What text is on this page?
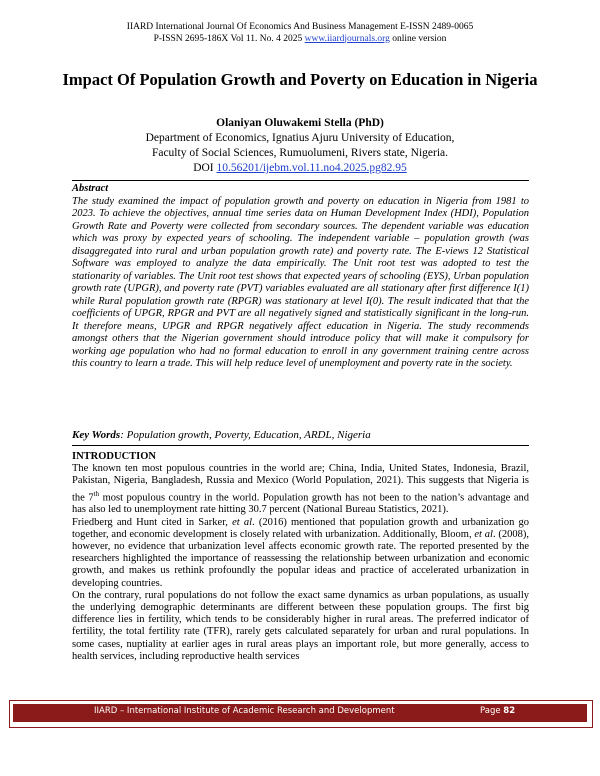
IIARD International Journal Of Economics And Business Management E-ISSN 2489-0065
P-ISSN 2695-186X Vol 11. No. 4 2025 www.iiardjournals.org online version
Impact Of Population Growth and Poverty on Education in Nigeria
Olaniyan Oluwakemi Stella (PhD)
Department of Economics, Ignatius Ajuru University of Education,
Faculty of Social Sciences, Rumuolumeni, Rivers state, Nigeria.
DOI 10.56201/ijebm.vol.11.no4.2025.pg82.95
Abstract
The study examined the impact of population growth and poverty on education in Nigeria from 1981 to 2023. To achieve the objectives, annual time series data on Human Development Index (HDI), Population Growth Rate and Poverty were collected from secondary sources. The dependent variable was education which was proxy by expected years of schooling. The independent variable – population growth (was disaggregated into rural and urban population growth rate) and poverty rate. The E-views 12 Statistical Software was employed to analyze the data empirically. The Unit root test was adopted to test the stationarity of variables. The Unit root test shows that expected years of schooling (EYS), Urban population growth rate (UPGR), and poverty rate (PVT) variables evaluated are all stationary after first difference I(1) while Rural population growth rate (RPGR) was stationary at level I(0). The result indicated that that the coefficients of UPGR, RPGR and PVT are all negatively signed and statistically significant in the long-run. It therefore means, UPGR and RPGR negatively affect education in Nigeria. The study recommends amongst others that the Nigerian government should introduce policy that will make it compulsory for working age population who had no formal education to enroll in any government training centre across this country to learn a trade. This will help reduce level of unemployment and poverty rate in the society.
Key Words: Population growth, Poverty, Education, ARDL, Nigeria
INTRODUCTION

The known ten most populous countries in the world are; China, India, United States, Indonesia, Brazil, Pakistan, Nigeria, Bangladesh, Russia and Mexico (World Population, 2021). This suggests that Nigeria is the 7th most populous country in the world. Population growth has not been to the nation’s advantage and has also led to unemployment rate hitting 30.7 percent (National Bureau Statistics, 2021).

Friedberg and Hunt cited in Sarker, et al. (2016) mentioned that population growth and urbanization go together, and economic development is closely related with urbanization. Additionally, Bloom, et al. (2008), however, no evidence that urbanization level affects economic growth rate. The reported presented by the researchers highlighted the importance of reassessing the relationship between urbanization and economic growth, and makes us rethink profoundly the popular ideas and practice of accelerated urbanization in developing countries.

On the contrary, rural populations do not follow the exact same dynamics as urban populations, as usually the underlying demographic determinants are different between these population groups. The first big difference lies in fertility, which tends to be considerably higher in rural areas. The preferred indicator of fertility, the total fertility rate (TFR), rarely gets calculated separately for urban and rural populations. In some cases, nuptiality at earlier ages in rural areas plays an important role, but more generally, access to health services, including reproductive health services

IIARD – International Institute of Academic Research and Development	Page 82
